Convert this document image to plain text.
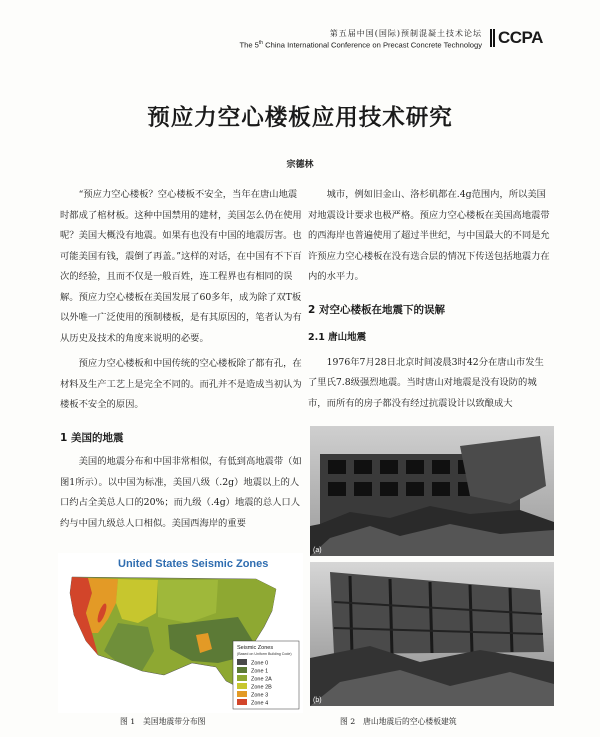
第五届中国(国际)预制混凝土技术论坛
The 5th China International Conference on Precast Concrete Technology CCPA
预应力空心楼板应用技术研究
宗德林

“预应力空心楼板？空心楼板不安全，当年在唐山地震时都成了棺材板。这种中国禁用的建材，美国怎么仍在使用呢？美国大概没有地震。如果有也没有中国的地震厉害。也可能美国有钱，震倒了再盖。”这样的对话，在中国有不下百次的经验，且而不仅是一般百姓，连工程界也有相同的误解。预应力空心楼板在美国发展了60多年，成为除了双T板以外唯一广泛使用的预制楼板，是有其原因的，笔者认为有从历史及技术的角度来说明的必要。

预应力空心楼板和中国传统的空心楼板除了都有孔，在材料及生产工艺上是完全不同的。而孔并不是造成当初认为楼板不安全的原因。

1 美国的地震

美国的地震分布和中国非常相似，有低到高地震带（如图1所示）。以中国为标准，美国八级（.2g）地震以上的人口约占全美总人口的20%；而九级（.4g）地震的总人口人约与中国九级总人口相似。美国西海岸的重要

城市，例如旧金山、洛杉矶都在.4g范围内，所以美国对地震设计要求也极严格。预应力空心楼板在美国高地震带的西海岸也普遍使用了超过半世纪，与中国最大的不同是允许预应力空心楼板在没有迭合层的情况下传送包括地震力在内的水平力。

2 对空心楼板在地震下的误解
2.1 唐山地震

1976年7月28日北京时间凌晨3时42分在唐山市发生了里氏7.8级强烈地震。当时唐山对地震是没有设防的城市，而所有的房子都没有经过抗震设计以致酿成大

United States Seismic Zones
Seismic Zones
(Based on Uniform Building Code)
Zone 0
Zone 1
Zone 2A
Zone 2B
Zone 3
Zone 4
图 1　美国地震带分布图
(a)
(b)
图 2　唐山地震后的空心楼板建筑
